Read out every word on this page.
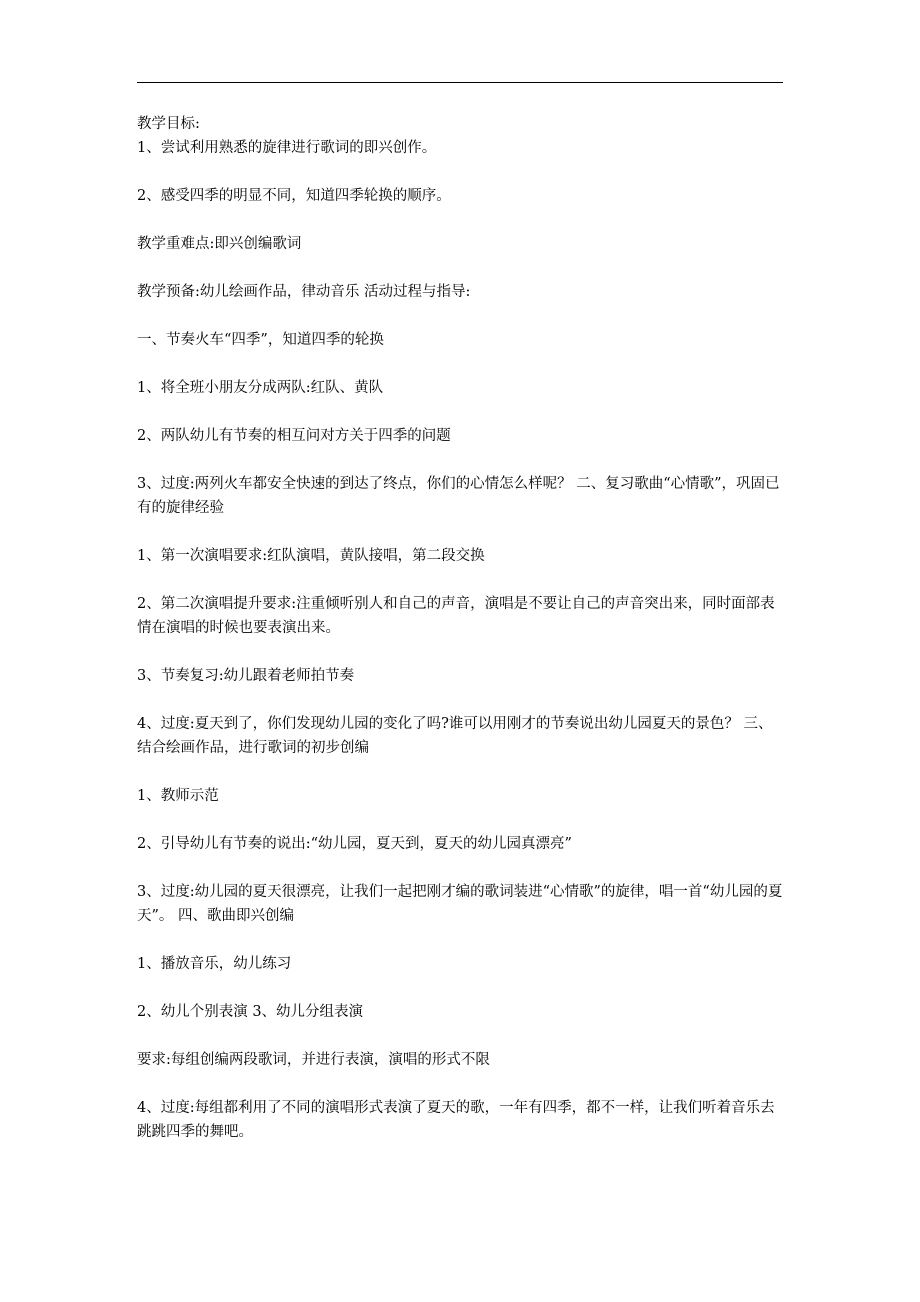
教学目标:

1、尝试利用熟悉的旋律进行歌词的即兴创作。

2、感受四季的明显不同，知道四季轮换的顺序。

教学重难点:即兴创编歌词

教学预备:幼儿绘画作品，律动音乐 活动过程与指导:

一、节奏火车“四季”，知道四季的轮换

1、将全班小朋友分成两队:红队、黄队

2、两队幼儿有节奏的相互问对方关于四季的问题

3、过度:两列火车都安全快速的到达了终点，你们的心情怎么样呢？ 二、复习歌曲“心情歌”，巩固已有的旋律经验

1、第一次演唱要求:红队演唱，黄队接唱，第二段交换

2、第二次演唱提升要求:注重倾听别人和自己的声音，演唱是不要让自己的声音突出来，同时面部表情在演唱的时候也要表演出来。

3、节奏复习:幼儿跟着老师拍节奏

4、过度:夏天到了，你们发现幼儿园的变化了吗?谁可以用刚才的节奏说出幼儿园夏天的景色？ 三、结合绘画作品，进行歌词的初步创编

1、教师示范

2、引导幼儿有节奏的说出:“幼儿园，夏天到，夏天的幼儿园真漂亮”

3、过度:幼儿园的夏天很漂亮，让我们一起把刚才编的歌词装进“心情歌”的旋律，唱一首“幼儿园的夏天”。 四、歌曲即兴创编

1、播放音乐，幼儿练习

2、幼儿个别表演 3、幼儿分组表演

要求:每组创编两段歌词，并进行表演，演唱的形式不限

4、过度:每组都利用了不同的演唱形式表演了夏天的歌，一年有四季，都不一样，让我们听着音乐去跳跳四季的舞吧。
